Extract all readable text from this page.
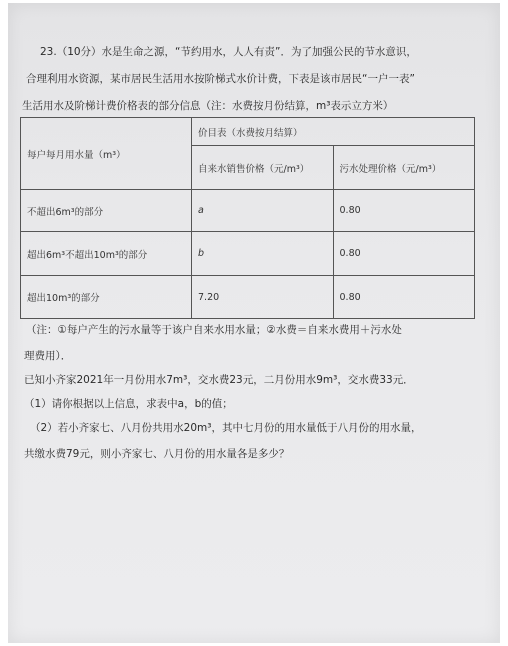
23.（10分）水是生命之源，“节约用水，人人有责”．为了加强公民的节水意识，
合理利用水资源，某市居民生活用水按阶梯式水价计费，下表是该市居民“一户一表”
生活用水及阶梯计费价格表的部分信息（注：水费按月份结算，m³表示立方米）
每户每月用水量（m³）	价目表（水费按月结算）	
	自来水销售价格（元/m³）	污水处理价格（元/m³）
不超出6m³的部分	a	0.80
超出6m³不超出10m³的部分	b	0.80
超出10m³的部分	7.20	0.80
（注：①每户产生的污水量等于该户自来水用水量；②水费＝自来水费用＋污水处
理费用）．
已知小齐家2021年一月份用水7m³，交水费23元，二月份用水9m³，交水费33元．
（1）请你根据以上信息，求表中a，b的值；
（2）若小齐家七、八月份共用水20m³，其中七月份的用水量低于八月份的用水量，
共缴水费79元，则小齐家七、八月份的用水量各是多少？
